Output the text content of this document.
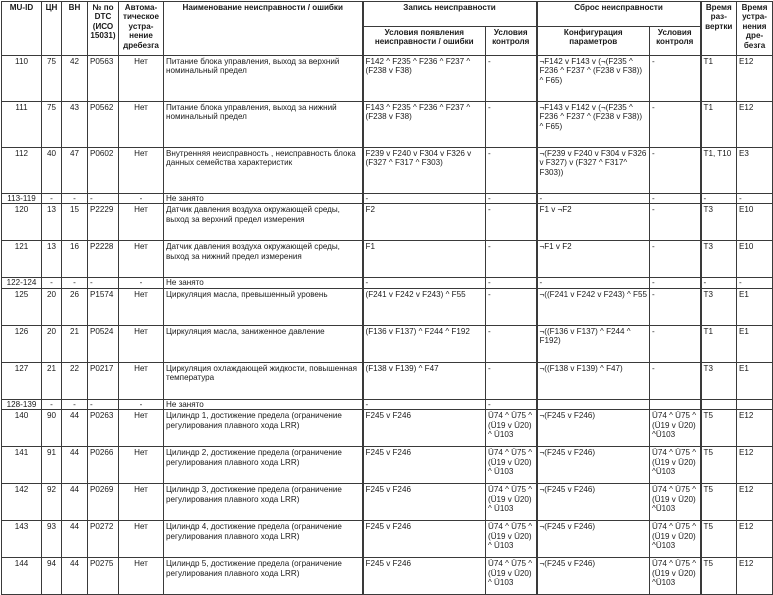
MU-ID	ЦН	ВН	№ по DTC (ИСО 15031)	Автома-тическое устра-нение дребезга	Наименование неисправности / ошибки	Запись неисправности		Сброс неисправности		Время раз-вертки	Время устра-нения дре-безга
						Условия появления неисправности / ошибки	Условия контроля	Конфигурация параметров	Условия контроля		
110	75	42	P0563	Нет	Питание блока управления, выход за верхний номинальный предел	F142 ^ F235 ^ F236 ^ F237 ^ (F238 v F38)	-	¬F142 v F143 v (¬(F235 ^ F236 ^ F237 ^ (F238 v F38)) ^ F65)	-	T1	E12
111	75	43	P0562	Нет	Питание блока управления, выход за нижний номинальный предел	F143 ^ F235 ^ F236 ^ F237 ^ (F238 v F38)	-	¬F143 v F142 v (¬(F235 ^ F236 ^ F237 ^ (F238 v F38)) ^ F65)	-	T1	E12
112	40	47	P0602	Нет	Внутренняя неисправность , неисправность блока данных семейства характеристик	F239 v F240 v F304 v F326 v (F327 ^ F317 ^ F303)	-	¬(F239 v F240 v F304 v F326 v F327) v (F327 ^ F317^ F303))	-	T1, T10	E3
113-119	-	-	-	-	Не занято	-	-	-	-	-	-
120	13	15	P2229	Нет	Датчик давления воздуха окружающей среды, выход за верхний предел измерения	F2	-	F1 v ¬F2	-	T3	E10
121	13	16	P2228	Нет	Датчик давления воздуха окружающей среды, выход за нижний предел измерения	F1	-	¬F1 v F2	-	T3	E10
122-124	-	-	-	-	Не занято	-	-	-	-	-	-
125	20	26	P1574	Нет	Циркуляция масла, превышенный уровень	(F241 v F242 v F243) ^ F55	-	¬((F241 v F242 v F243) ^ F55	-	T3	E1
126	20	21	P0524	Нет	Циркуляция масла, заниженное давление	(F136 v F137) ^ F244 ^ F192	-	¬((F136 v F137) ^ F244 ^ F192)	-	T1	E1
127	21	22	P0217	Нет	Циркуляция охлаждающей жидкости, повышенная температура	(F138 v F139) ^ F47	-	¬((F138 v F139) ^ F47)	-	T3	E1
128-139	-	-	-	-	Не занято	-	-				
140	90	44	P0263	Нет	Цилиндр 1, достижение предела (ограничение регулирования плавного хода LRR)	F245 v F246	Ü74 ^ Ü75 ^ (Ü19 v Ü20) ^ Ü103	¬(F245 v F246)	Ü74 ^ Ü75 ^ (Ü19 v Ü20) ^Ü103	T5	E12
141	91	44	P0266	Нет	Цилиндр 2, достижение предела (ограничение регулирования плавного хода LRR)	F245 v F246	Ü74 ^ Ü75 ^ (Ü19 v Ü20) ^ Ü103	¬(F245 v F246)	Ü74 ^ Ü75 ^ (Ü19 v Ü20) ^Ü103	T5	E12
142	92	44	P0269	Нет	Цилиндр 3, достижение предела (ограничение регулирования плавного хода LRR)	F245 v F246	Ü74 ^ Ü75 ^ (Ü19 v Ü20) ^ Ü103	¬(F245 v F246)	Ü74 ^ Ü75 ^ (Ü19 v Ü20) ^Ü103	T5	E12
143	93	44	P0272	Нет	Цилиндр 4, достижение предела (ограничение регулирования плавного хода LRR)	F245 v F246	Ü74 ^ Ü75 ^ (Ü19 v Ü20) ^ Ü103	¬(F245 v F246)	Ü74 ^ Ü75 ^ (Ü19 v Ü20) ^Ü103	T5	E12
144	94	44	P0275	Нет	Цилиндр 5, достижение предела (ограничение регулирования плавного хода LRR)	F245 v F246	Ü74 ^ Ü75 ^ (Ü19 v Ü20) ^ Ü103	¬(F245 v F246)	Ü74 ^ Ü75 ^ (Ü19 v Ü20) ^Ü103	T5	E12
